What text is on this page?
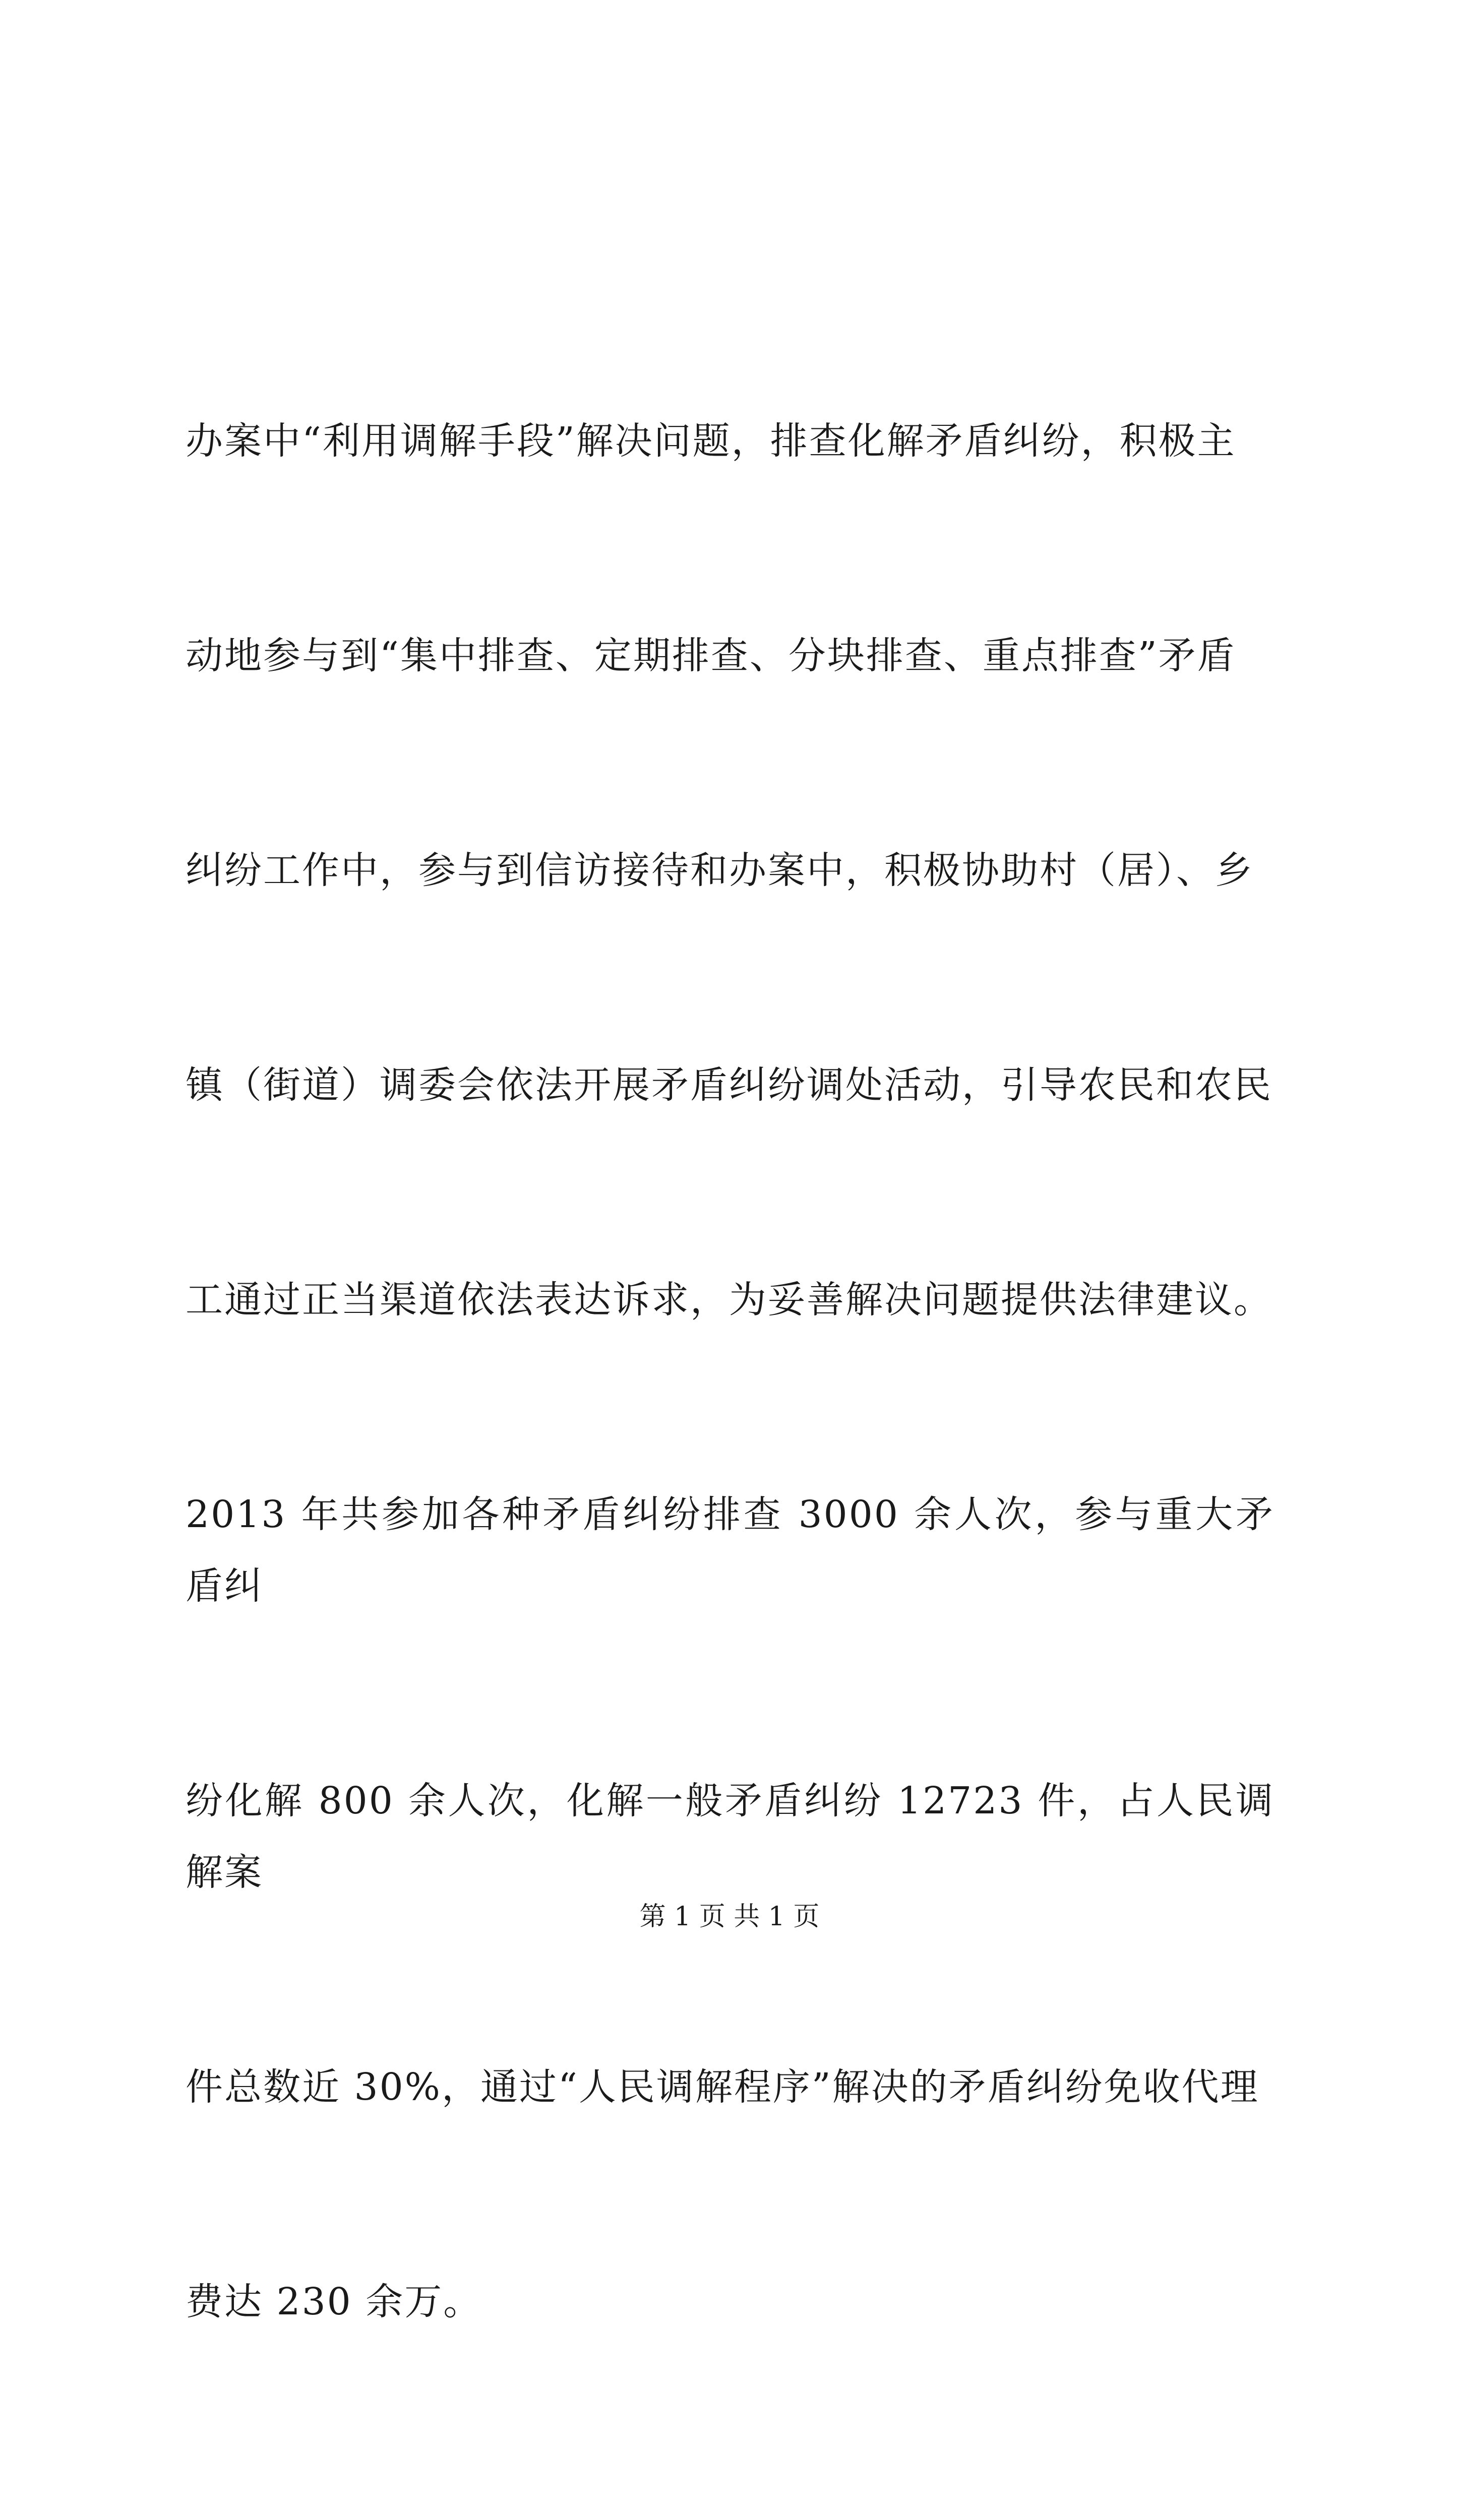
办案中“利用调解手段”解决问题，排查化解矛盾纠纷，积极主

动地参与到“集中排查、定期排查、分块排查、重点排查”矛盾

纠纷工作中，参与到信访接待和办案中，积极协助村（居）、乡

镇（街道）调委会依法开展矛盾纠纷调处活动，引导农民和农民

工通过正当渠道依法表达诉求，为妥善解决问题提供法律建议。

2013 年共参加各种矛盾纠纷排查 3000 余人次，参与重大矛盾纠

纷化解 800 余人次，化解一般矛盾纠纷 12723 件，占人民调解案

件总数近 30%，通过“人民调解程序”解决的矛盾纠纷免收代理

费达 230 余万。

第 1 页 共 1 页
